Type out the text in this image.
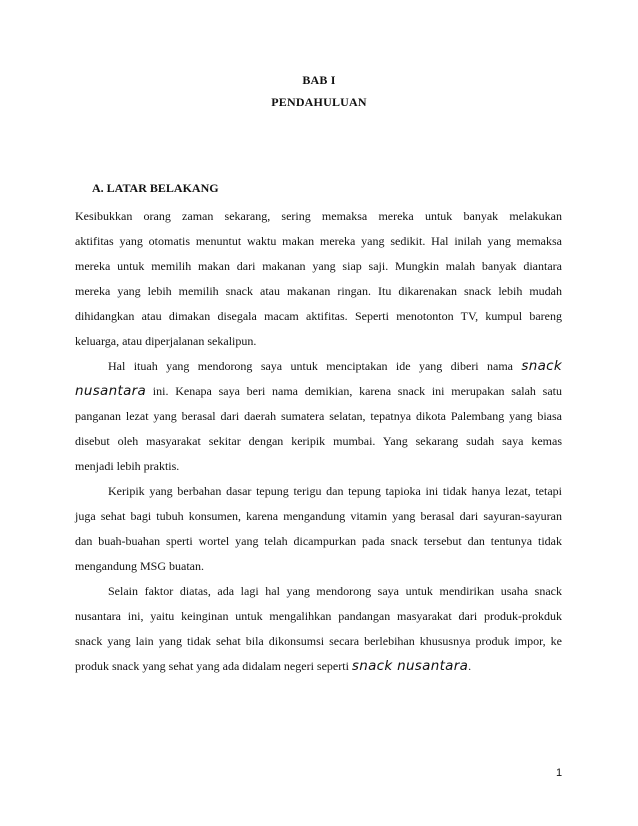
BAB I
PENDAHULUAN
A. LATAR BELAKANG
Kesibukkan orang zaman sekarang, sering memaksa mereka untuk banyak melakukan
aktifitas yang otomatis menuntut waktu makan mereka yang sedikit. Hal inilah yang memaksa
mereka untuk memilih makan dari makanan yang siap saji. Mungkin malah banyak diantara
mereka yang lebih memilih snack atau makanan ringan. Itu dikarenakan snack lebih mudah
dihidangkan atau dimakan disegala macam aktifitas. Seperti menotonton TV, kumpul bareng
keluarga, atau diperjalanan sekalipun.
Hal ituah yang mendorong saya untuk menciptakan ide yang diberi nama snack
nusantara ini. Kenapa saya beri nama demikian, karena snack ini merupakan salah satu
panganan lezat yang berasal dari daerah sumatera selatan, tepatnya dikota Palembang yang biasa
disebut oleh masyarakat sekitar dengan keripik mumbai. Yang sekarang sudah saya kemas
menjadi lebih praktis.
Keripik yang berbahan dasar tepung terigu dan tepung tapioka ini tidak hanya lezat, tetapi
juga sehat bagi tubuh konsumen, karena mengandung vitamin yang berasal dari sayuran-sayuran
dan buah-buahan sperti wortel yang telah dicampurkan pada snack tersebut dan tentunya tidak
mengandung MSG buatan.
Selain faktor diatas, ada lagi hal yang mendorong saya untuk mendirikan usaha snack
nusantara ini, yaitu keinginan untuk mengalihkan pandangan masyarakat dari produk-prokduk
snack yang lain yang tidak sehat bila dikonsumsi secara berlebihan khususnya produk impor, ke
produk snack yang sehat yang ada didalam negeri seperti snack nusantara.
1
